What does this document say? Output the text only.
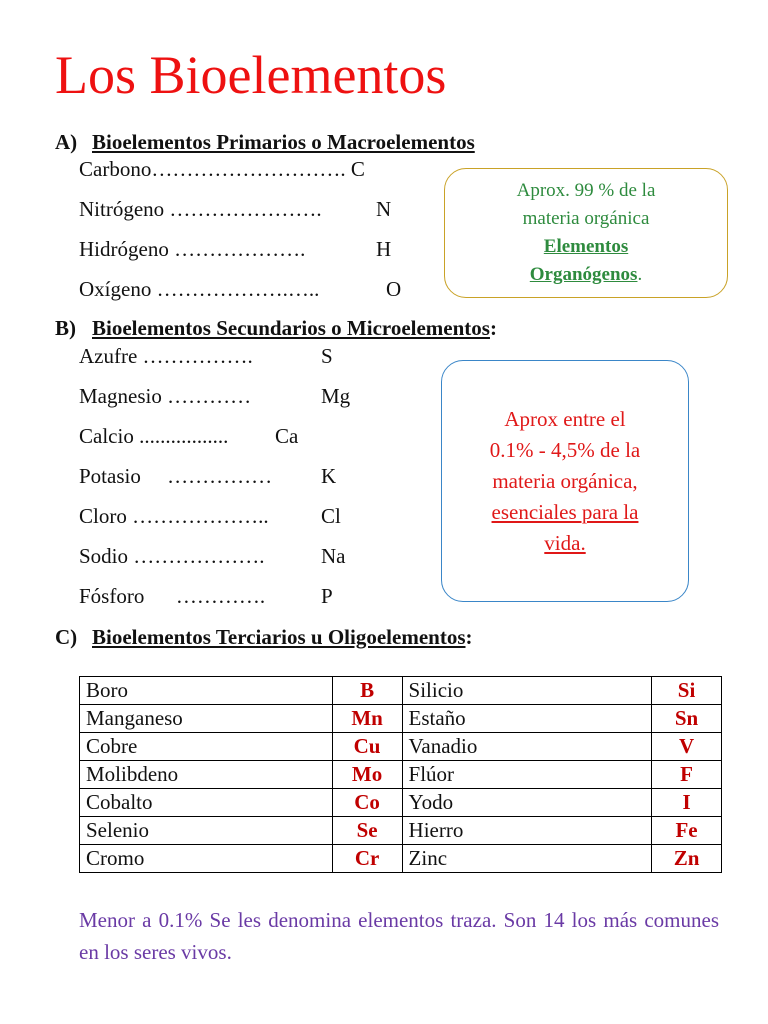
Los Bioelementos
A) Bioelementos Primarios o Macroelementos
Carbono………………………. C
Nitrógeno ………………….	N
Hidrógeno ……………….	H
Oxígeno ……………….…..	O
Aprox. 99 % de la
materia orgánica
Elementos
Organógenos.
B) Bioelementos Secundarios o Microelementos:
Azufre …………….	S
Magnesio …………	Mg
Calcio ................. Ca
Potasio     …………… K
Cloro ……………….. Cl
Sodio ……………….	Na
Fósforo      ………….	P
Aprox entre el
0.1% - 4,5% de la
materia orgánica,
esenciales para la
vida.
C) Bioelementos Terciarios u Oligoelementos:
Boro	B	Silicio	Si
Manganeso	Mn	Estaño	Sn
Cobre	Cu	Vanadio	V
Molibdeno	Mo	Flúor	F
Cobalto	Co	Yodo	I
Selenio	Se	Hierro	Fe
Cromo	Cr	Zinc	Zn
Menor a 0.1% Se les denomina elementos traza. Son 14 los más comunes en los seres vivos.
